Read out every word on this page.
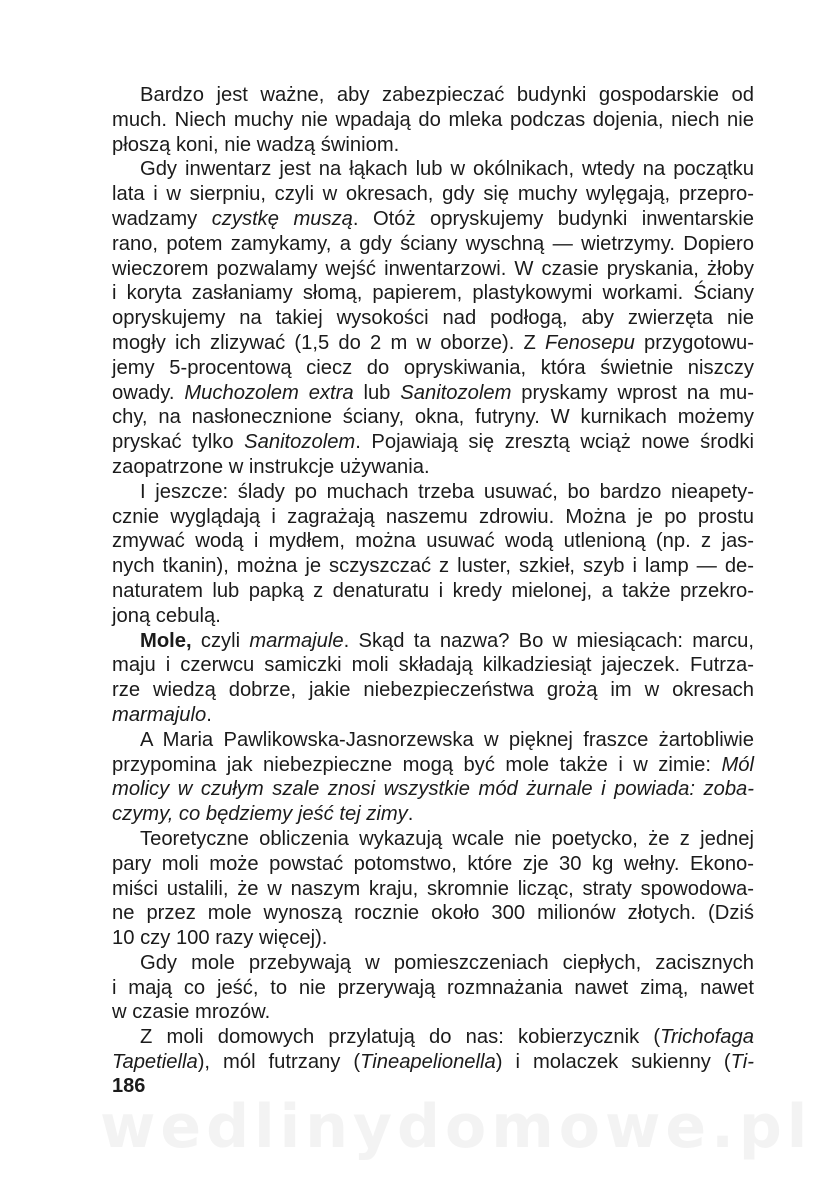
wedlinydomowe.pl

Bardzo jest ważne, aby zabezpieczać budynki gospodarskie od
much. Niech muchy nie wpadają do mleka podczas dojenia, niech nie
płoszą koni, nie wadzą świniom.

Gdy inwentarz jest na łąkach lub w okólnikach, wtedy na początku
lata i w sierpniu, czyli w okresach, gdy się muchy wylęgają, przepro-
wadzamy czystkę muszą. Otóż opryskujemy budynki inwentarskie
rano, potem zamykamy, a gdy ściany wyschną — wietrzymy. Dopiero
wieczorem pozwalamy wejść inwentarzowi. W czasie pryskania, żłoby
i koryta zasłaniamy słomą, papierem, plastykowymi workami. Ściany
opryskujemy na takiej wysokości nad podłogą, aby zwierzęta nie
mogły ich zlizywać (1,5 do 2 m w oborze). Z Fenosepu przygotowu-
jemy 5-procentową ciecz do opryskiwania, która świetnie niszczy
owady. Muchozolem extra lub Sanitozolem pryskamy wprost na mu-
chy, na nasłonecznione ściany, okna, futryny. W kurnikach możemy
pryskać tylko Sanitozolem. Pojawiają się zresztą wciąż nowe środki
zaopatrzone w instrukcje używania.

I jeszcze: ślady po muchach trzeba usuwać, bo bardzo nieapety-
cznie wyglądają i zagrażają naszemu zdrowiu. Można je po prostu
zmywać wodą i mydłem, można usuwać wodą utlenioną (np. z jas-
nych tkanin), można je sczyszczać z luster, szkieł, szyb i lamp — de-
naturatem lub papką z denaturatu i kredy mielonej, a także przekro-
joną cebulą.

Mole, czyli marmajule. Skąd ta nazwa? Bo w miesiącach: marcu,
maju i czerwcu samiczki moli składają kilkadziesiąt jajeczek. Futrza-
rze wiedzą dobrze, jakie niebezpieczeństwa grożą im w okresach
marmajulo.

A Maria Pawlikowska-Jasnorzewska w pięknej fraszce żartobliwie
przypomina jak niebezpieczne mogą być mole także i w zimie: Mól
molicy w czułym szale znosi wszystkie mód żurnale i powiada: zoba-
czymy, co będziemy jeść tej zimy.

Teoretyczne obliczenia wykazują wcale nie poetycko, że z jednej
pary moli może powstać potomstwo, które zje 30 kg wełny. Ekono-
miści ustalili, że w naszym kraju, skromnie licząc, straty spowodowa-
ne przez mole wynoszą rocznie około 300 milionów złotych. (Dziś
10 czy 100 razy więcej).

Gdy mole przebywają w pomieszczeniach ciepłych, zacisznych
i mają co jeść, to nie przerywają rozmnażania nawet zimą, nawet
w czasie mrozów.

Z moli domowych przylatują do nas: kobierzycznik (Trichofaga
Tapetiella), mól futrzany (Tineapelionella) i molaczek sukienny (Ti-

186
